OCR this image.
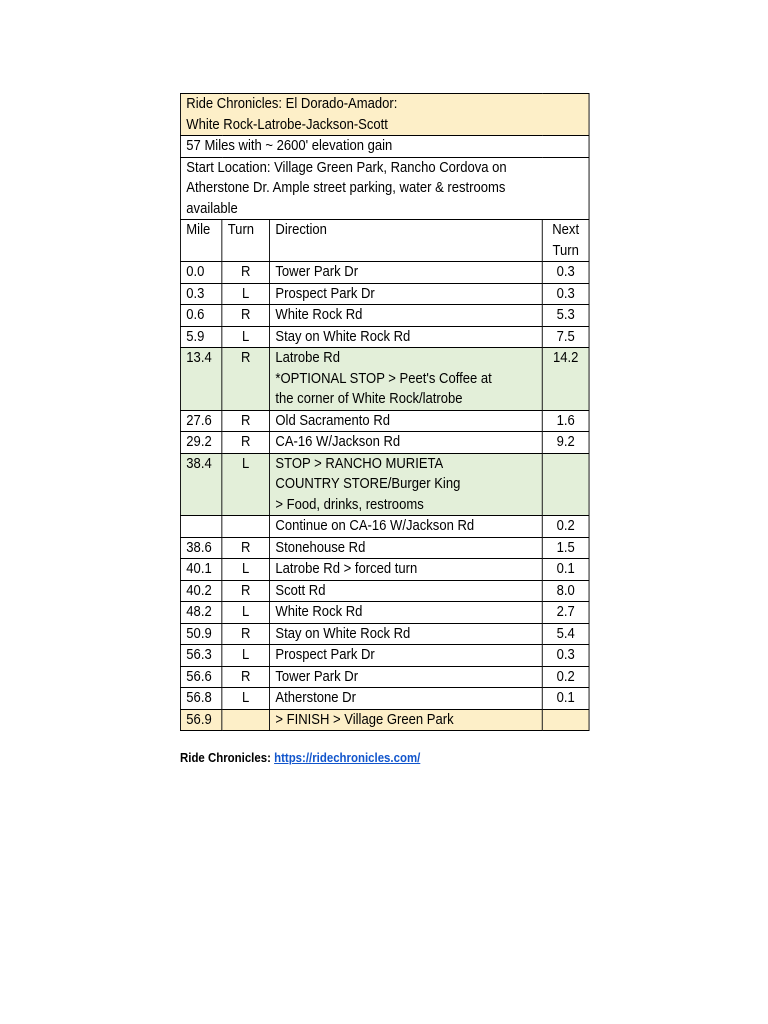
Ride Chronicles: El Dorado-Amador:
White Rock-Latrobe-Jackson-Scott			

57 Miles with ~ 2600' elevation gain			

Start Location: Village Green Park, Rancho Cordova on
Atherstone Dr. Ample street parking, water & restrooms
available			

Mile	Turn	Direction	Next
Turn

0.0	R	Tower Park Dr	0.3
0.3	L	Prospect Park Dr	0.3
0.6	R	White Rock Rd	5.3
5.9	L	Stay on White Rock Rd	7.5
13.4	R	Latrobe Rd
*OPTIONAL STOP > Peet's Coffee at
the corner of White Rock/latrobe	14.2
27.6	R	Old Sacramento Rd	1.6
29.2	R	CA-16 W/Jackson Rd	9.2
38.4	L	STOP > RANCHO MURIETA
COUNTRY STORE/Burger King
> Food, drinks, restrooms	

		Continue on CA-16 W/Jackson Rd	0.2
38.6	R	Stonehouse Rd	1.5
40.1	L	Latrobe Rd > forced turn	0.1
40.2	R	Scott Rd	8.0
48.2	L	White Rock Rd	2.7
50.9	R	Stay on White Rock Rd	5.4
56.3	L	Prospect Park Dr	0.3
56.6	R	Tower Park Dr	0.2
56.8	L	Atherstone Dr	0.1
56.9		> FINISH > Village Green Park	

Ride Chronicles: https://ridechronicles.com/
